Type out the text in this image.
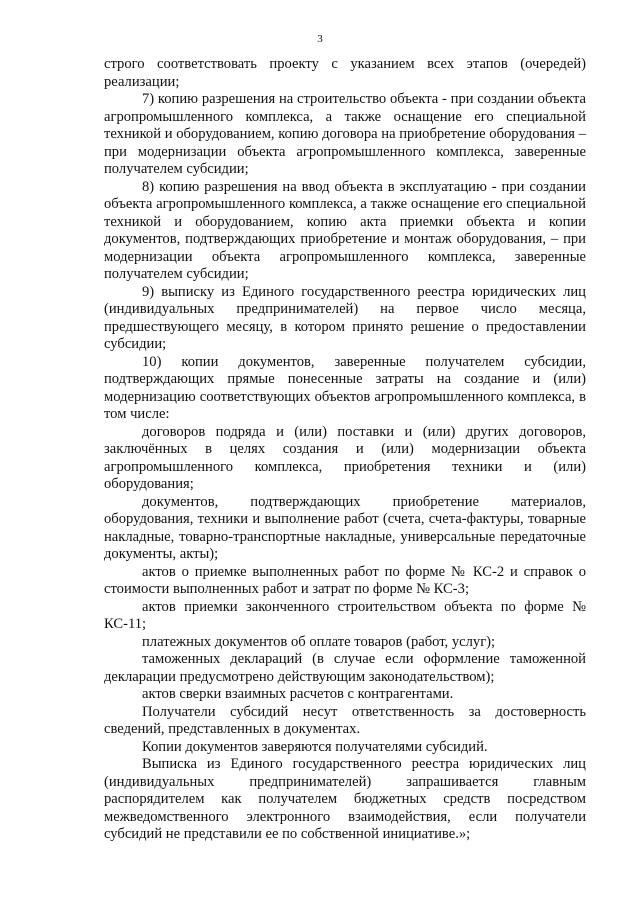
3

строго соответствовать проекту с указанием всех этапов (очередей) реализации;

7) копию разрешения на строительство объекта - при создании объекта агропромышленного комплекса, а также оснащение его специальной техникой и оборудованием, копию договора на приобретение оборудования – при модернизации объекта агропромышленного комплекса, заверенные получателем субсидии;

8) копию разрешения на ввод объекта в эксплуатацию - при создании объекта агропромышленного комплекса, а также оснащение его специальной техникой и оборудованием, копию акта приемки объекта и копии документов, подтверждающих приобретение и монтаж оборудования, – при модернизации объекта агропромышленного комплекса, заверенные получателем субсидии;

9) выписку из Единого государственного реестра юридических лиц (индивидуальных предпринимателей) на первое число месяца, предшествующего месяцу, в котором принято решение о предоставлении субсидии;

10) копии документов, заверенные получателем субсидии, подтверждающих прямые понесенные затраты на создание и (или) модернизацию соответствующих объектов агропромышленного комплекса, в том числе:

договоров подряда и (или) поставки и (или) других договоров, заключённых в целях создания и (или) модернизации объекта агропромышленного комплекса, приобретения техники и (или) оборудования;

документов, подтверждающих приобретение материалов, оборудования, техники и выполнение работ (счета, счета-фактуры, товарные накладные, товарно-транспортные накладные, универсальные передаточные документы, акты);

актов о приемке выполненных работ по форме № КС-2 и справок о стоимости выполненных работ и затрат по форме № КС-3;

актов приемки законченного строительством объекта по форме № КС-11;

платежных документов об оплате товаров (работ, услуг);

таможенных деклараций (в случае если оформление таможенной декларации предусмотрено действующим законодательством);

актов сверки взаимных расчетов с контрагентами.

Получатели субсидий несут ответственность за достоверность сведений, представленных в документах.

Копии документов заверяются получателями субсидий.

Выписка из Единого государственного реестра юридических лиц (индивидуальных предпринимателей) запрашивается главным распорядителем как получателем бюджетных средств посредством межведомственного электронного взаимодействия, если получатели субсидий не представили ее по собственной инициативе.»;
